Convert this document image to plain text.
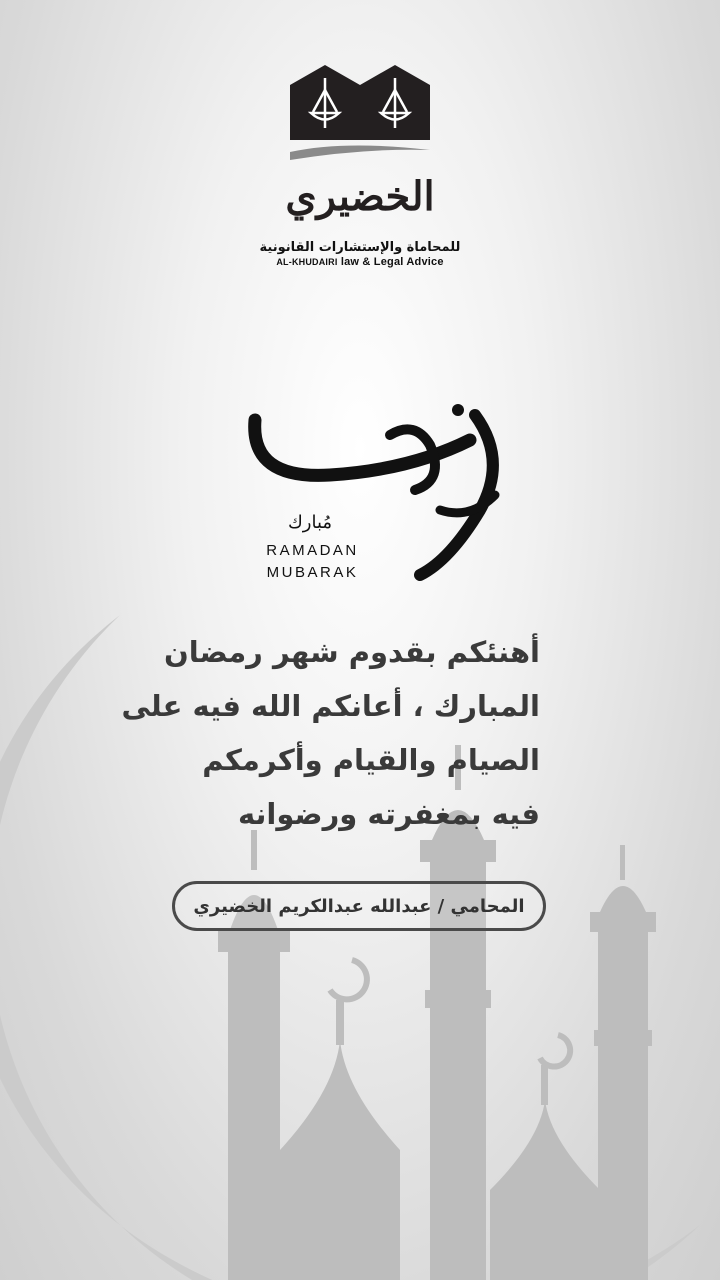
الخضيري
للمحاماة والإستشارات القانونية
AL-KHUDAIRI law & Legal Advice
مُبارك
RAMADAN
MUBARAK
أهنئكم بقدوم شهر رمضان
المبارك ، أعانكم الله فيه على
الصيام والقيام وأكرمكم
فيه بمغفرته ورضوانه
المحامي / عبدالله عبدالكريم الخضيري
